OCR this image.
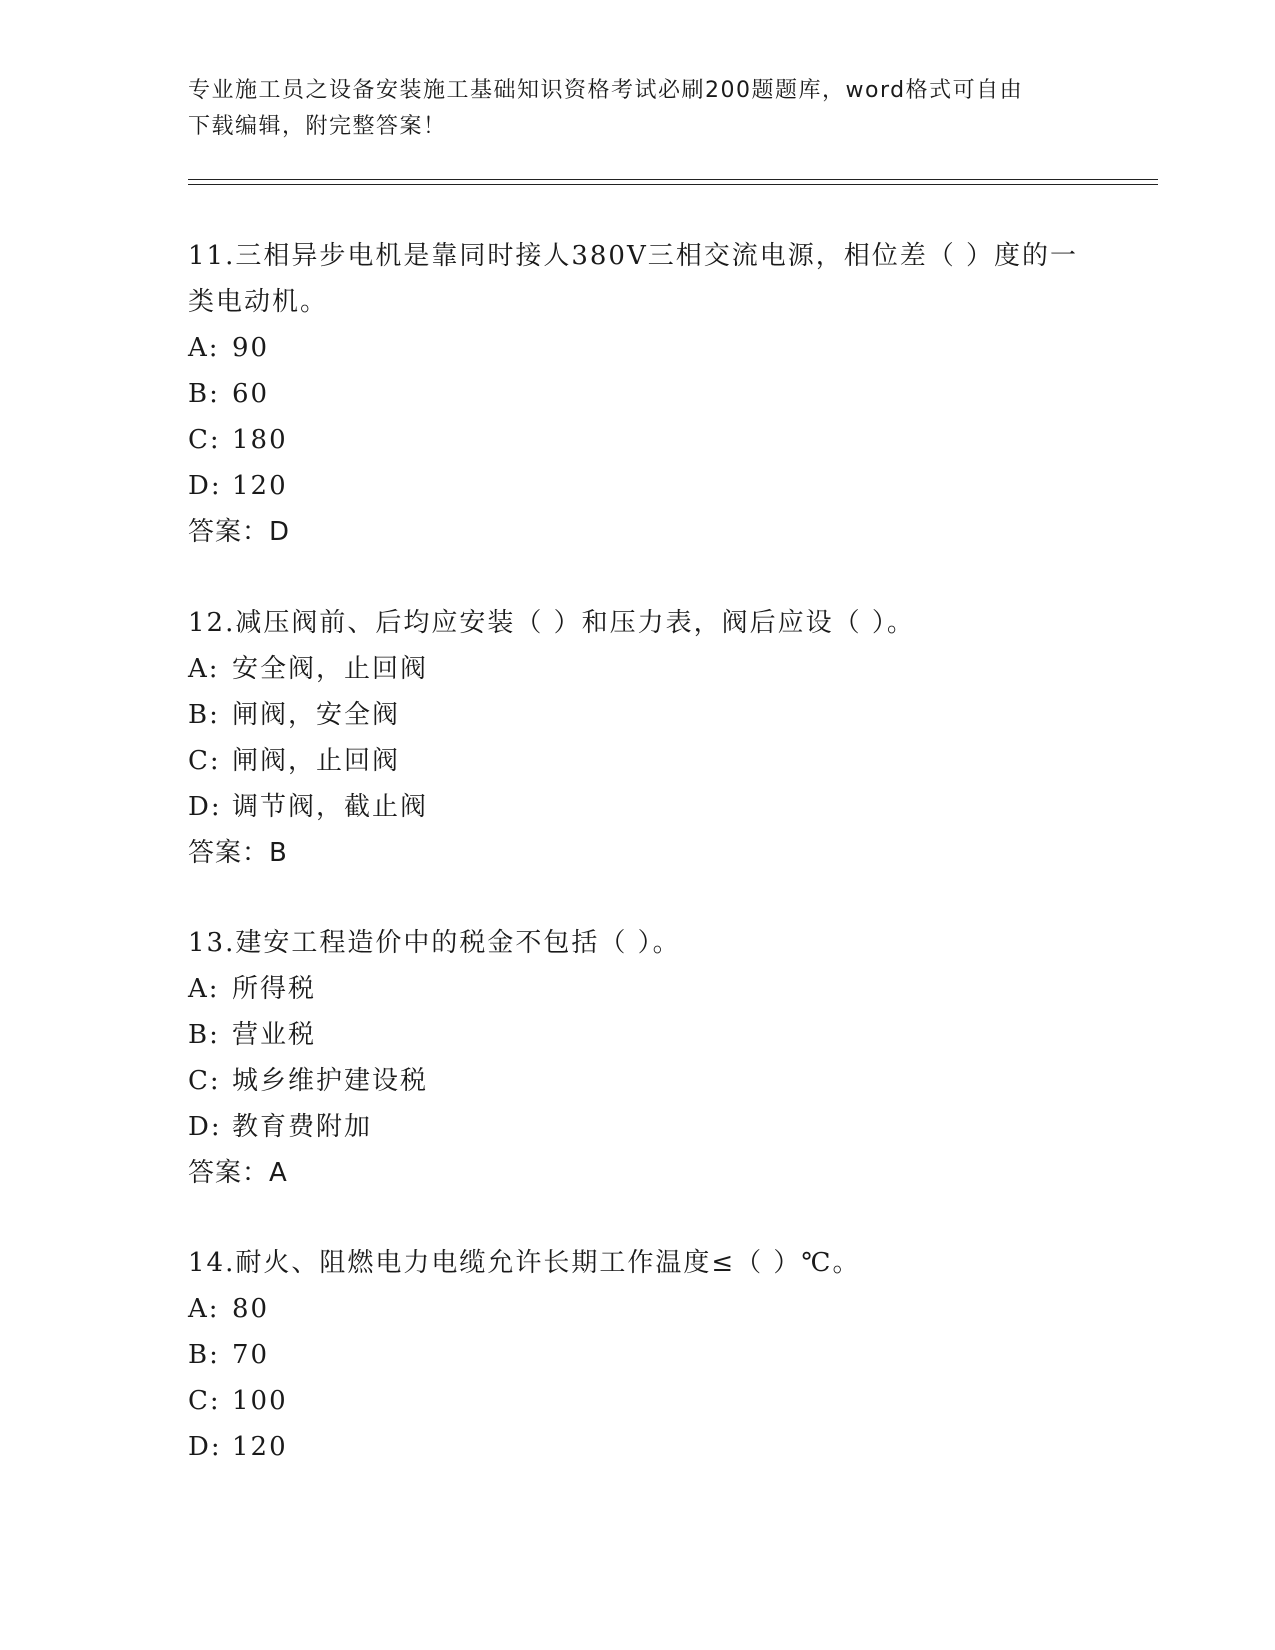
专业施工员之设备安装施工基础知识资格考试必刷200题题库，word格式可自由
下载编辑，附完整答案！

11.三相异步电机是靠同时接人380V三相交流电源，相位差（ ）度的一类电动机。

A: 90
B: 60
C: 180
D: 120
答案：D

12.减压阀前、后均应安装（ ）和压力表，阀后应设（ ）。

A: 安全阀，止回阀
B: 闸阀，安全阀
C: 闸阀，止回阀
D: 调节阀，截止阀
答案：B

13.建安工程造价中的税金不包括（ ）。

A: 所得税
B: 营业税
C: 城乡维护建设税
D: 教育费附加
答案：A

14.耐火、阻燃电力电缆允许长期工作温度≤（ ）℃。

A: 80
B: 70
C: 100
D: 120
